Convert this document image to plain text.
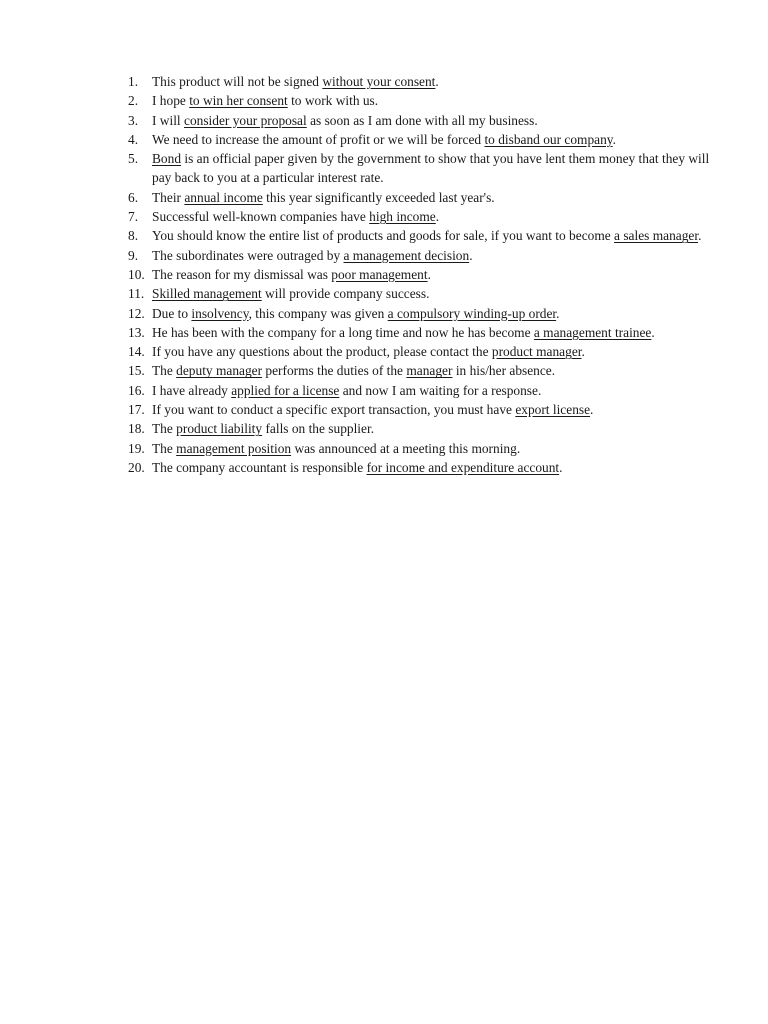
1. This product will not be signed without your consent.
2. I hope to win her consent to work with us.
3. I will consider your proposal as soon as I am done with all my business.
4. We need to increase the amount of profit or we will be forced to disband our company.
5. Bond is an official paper given by the government to show that you have lent them money that they will pay back to you at a particular interest rate.
6. Their annual income this year significantly exceeded last year's.
7. Successful well-known companies have high income.
8. You should know the entire list of products and goods for sale, if you want to become a sales manager.
9. The subordinates were outraged by a management decision.
10. The reason for my dismissal was poor management.
11. Skilled management will provide company success.
12. Due to insolvency, this company was given a compulsory winding-up order.
13. He has been with the company for a long time and now he has become a management trainee.
14. If you have any questions about the product, please contact the product manager.
15. The deputy manager performs the duties of the manager in his/her absence.
16. I have already applied for a license and now I am waiting for a response.
17. If you want to conduct a specific export transaction, you must have export license.
18. The product liability falls on the supplier.
19. The management position was announced at a meeting this morning.
20. The company accountant is responsible for income and expenditure account.
